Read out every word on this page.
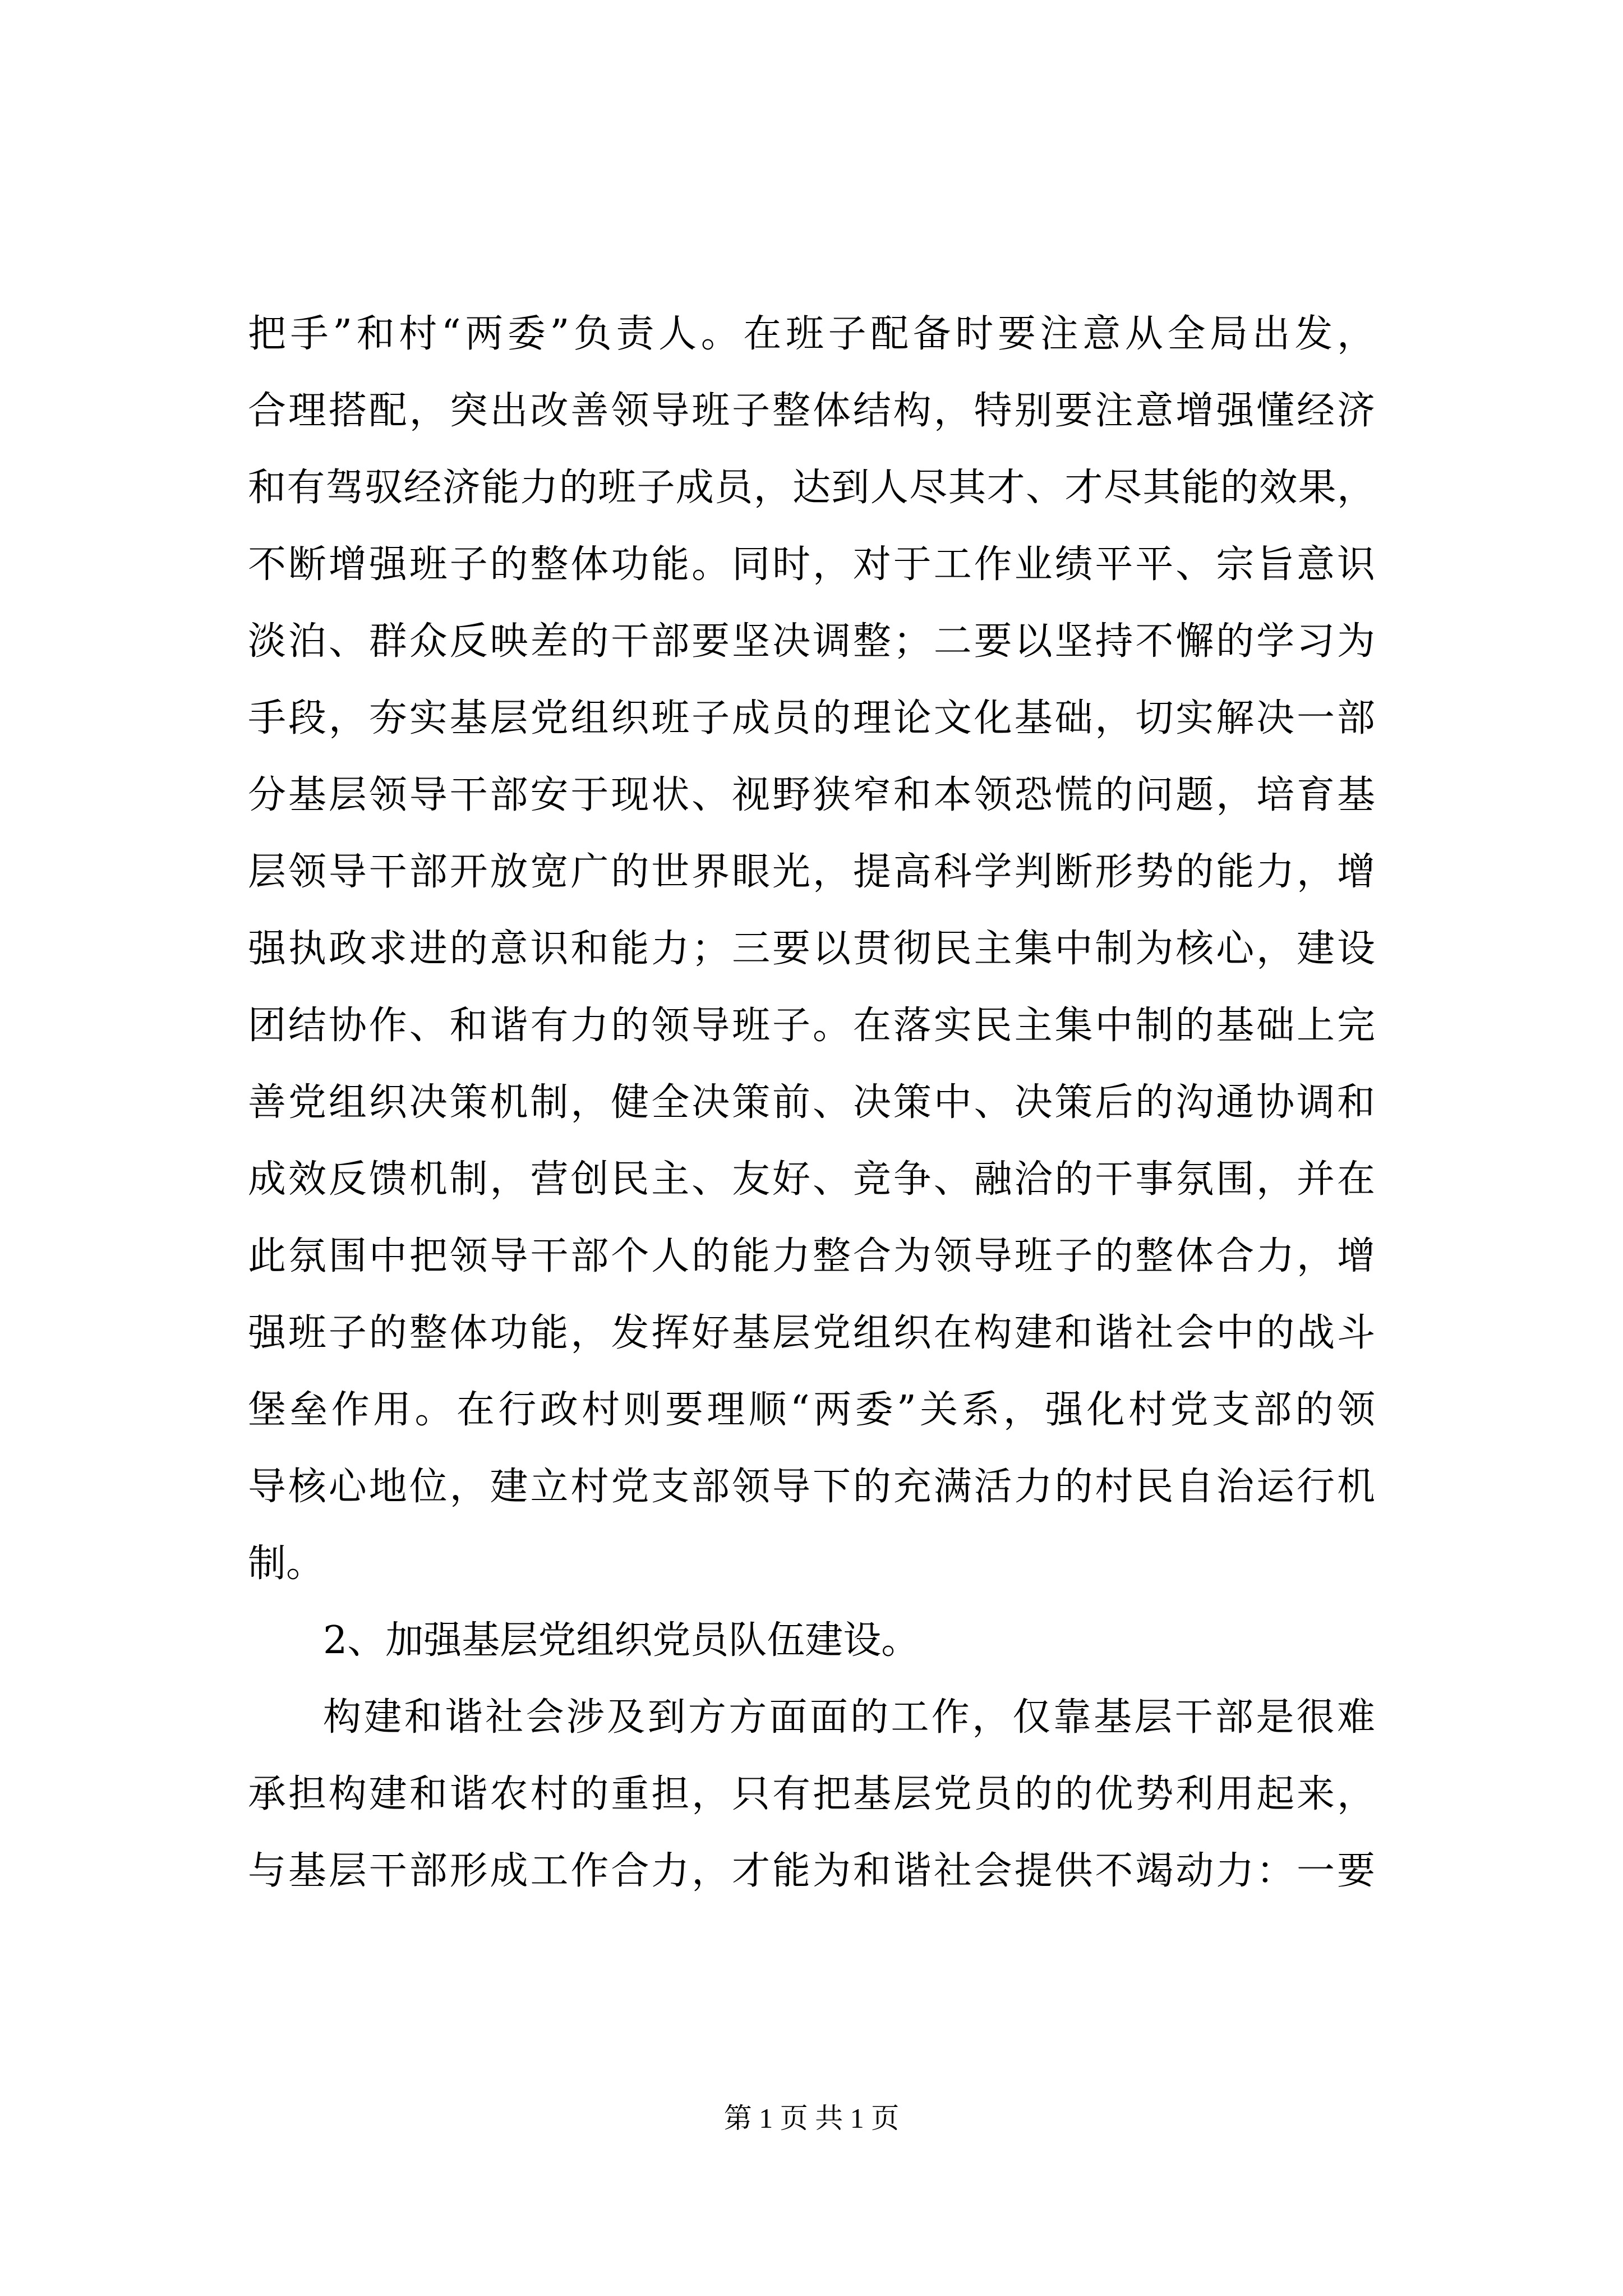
把手”和村“两委”负责人。在班子配备时要注意从全局出发，
合理搭配，突出改善领导班子整体结构，特别要注意增强懂经济
和有驾驭经济能力的班子成员，达到人尽其才、才尽其能的效果，
不断增强班子的整体功能。同时，对于工作业绩平平、宗旨意识
淡泊、群众反映差的干部要坚决调整；二要以坚持不懈的学习为
手段，夯实基层党组织班子成员的理论文化基础，切实解决一部
分基层领导干部安于现状、视野狭窄和本领恐慌的问题，培育基
层领导干部开放宽广的世界眼光，提高科学判断形势的能力，增
强执政求进的意识和能力；三要以贯彻民主集中制为核心，建设
团结协作、和谐有力的领导班子。在落实民主集中制的基础上完
善党组织决策机制，健全决策前、决策中、决策后的沟通协调和
成效反馈机制，营创民主、友好、竞争、融洽的干事氛围，并在
此氛围中把领导干部个人的能力整合为领导班子的整体合力，增
强班子的整体功能，发挥好基层党组织在构建和谐社会中的战斗
堡垒作用。在行政村则要理顺“两委”关系，强化村党支部的领
导核心地位，建立村党支部领导下的充满活力的村民自治运行机
制。
2、加强基层党组织党员队伍建设。
构建和谐社会涉及到方方面面的工作，仅靠基层干部是很难
承担构建和谐农村的重担，只有把基层党员的的优势利用起来，
与基层干部形成工作合力，才能为和谐社会提供不竭动力：一要
第 1 页 共 1 页
